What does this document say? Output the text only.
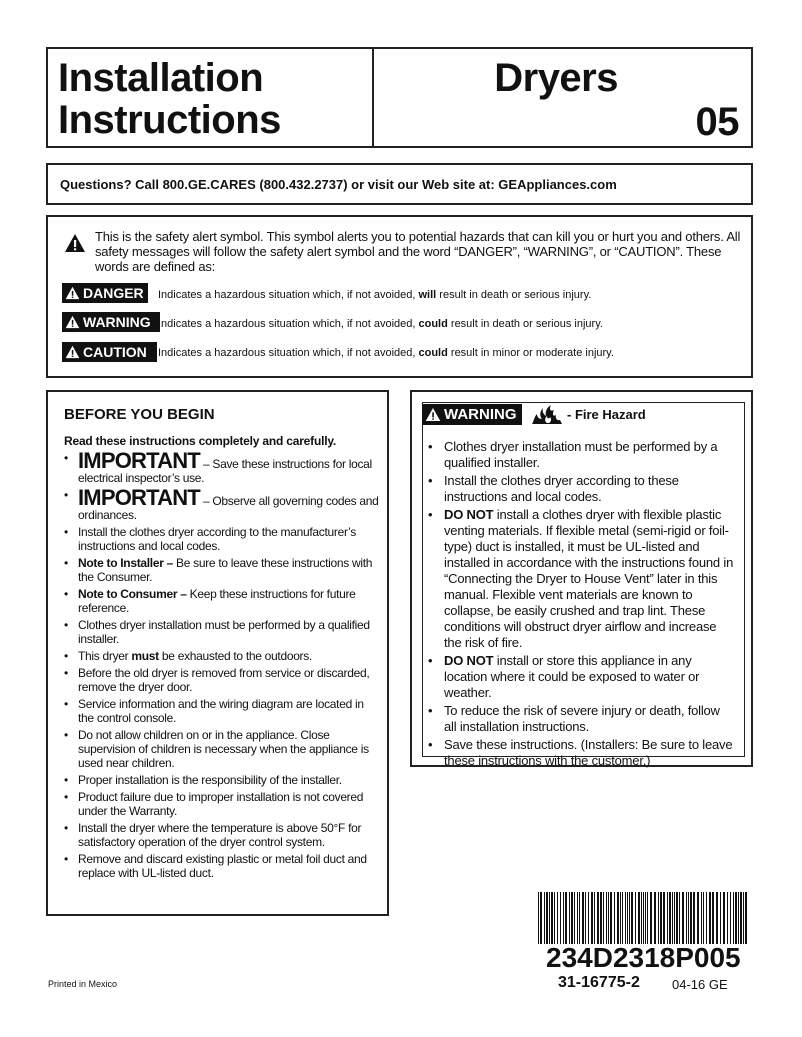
Installation
Instructions
Dryers
05
Questions? Call 800.GE.CARES (800.432.2737) or visit our Web site at: GEAppliances.com
This is the safety alert symbol. This symbol alerts you to potential hazards that can kill you or hurt you and others. All safety messages will follow the safety alert symbol and the word “DANGER”, “WARNING”, or “CAUTION”. These words are defined as:
DANGER Indicates a hazardous situation which, if not avoided, will result in death or serious injury.
WARNING Indicates a hazardous situation which, if not avoided, could result in death or serious injury.
CAUTION Indicates a hazardous situation which, if not avoided, could result in minor or moderate injury.
BEFORE YOU BEGIN
Read these instructions completely and carefully.
• IMPORTANT – Save these instructions for local electrical inspector’s use.
• IMPORTANT – Observe all governing codes and ordinances.
• Install the clothes dryer according to the manufacturer’s instructions and local codes.
• Note to Installer – Be sure to leave these instructions with the Consumer.
• Note to Consumer – Keep these instructions for future reference.
• Clothes dryer installation must be performed by a qualified installer.
• This dryer must be exhausted to the outdoors.
• Before the old dryer is removed from service or discarded, remove the dryer door.
• Service information and the wiring diagram are located in the control console.
• Do not allow children on or in the appliance. Close supervision of children is necessary when the appliance is used near children.
• Proper installation is the responsibility of the installer.
• Product failure due to improper installation is not covered under the Warranty.
• Install the dryer where the temperature is above 50°F for satisfactory operation of the dryer control system.
• Remove and discard existing plastic or metal foil duct and replace with UL-listed duct.
WARNING	- Fire Hazard
• Clothes dryer installation must be performed by a qualified installer.
• Install the clothes dryer according to these instructions and local codes.
• DO NOT install a clothes dryer with flexible plastic venting materials. If flexible metal (semi-rigid or foil-type) duct is installed, it must be UL-listed and installed in accordance with the instructions found in “Connecting the Dryer to House Vent” later in this manual. Flexible vent materials are known to collapse, be easily crushed and trap lint. These conditions will obstruct dryer airflow and increase the risk of fire.
• DO NOT install or store this appliance in any location where it could be exposed to water or weather.
• To reduce the risk of severe injury or death, follow all installation instructions.
• Save these instructions. (Installers: Be sure to leave these instructions with the customer.)
Printed in Mexico
234D2318P005
31-16775-2 04-16 GE
